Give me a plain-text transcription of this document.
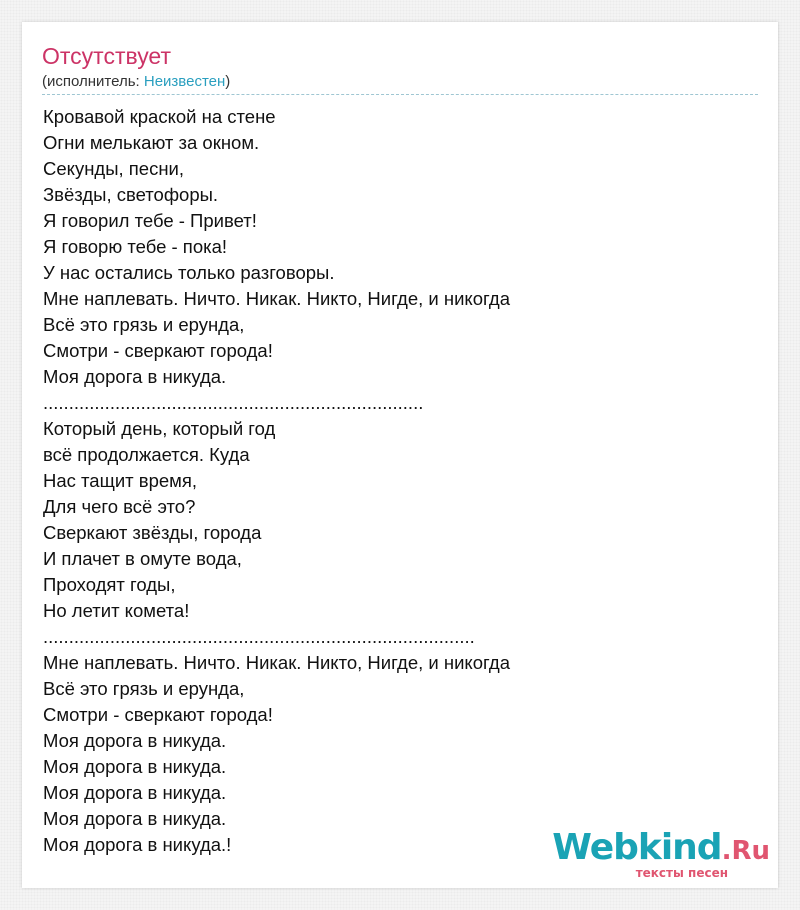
Отсутствует
(исполнитель: Неизвестен)
Кровавой краской на стене
Огни мелькают за окном.
Секунды, песни,
Звёзды, светофоры.
Я говорил тебе - Привет!
Я говорю тебе - пока!
У нас остались только разговоры.
Мне наплевать. Ничто. Никак. Никто, Нигде, и никогда
Всё это грязь и ерунда,
Смотри - сверкают города!
Моя дорога в никуда.
..........................................................................
Который день, который год
всё продолжается. Куда
Нас тащит время,
Для чего всё это?
Сверкают звёзды, города
И плачет в омуте вода,
Проходят годы,
Но летит комета!
....................................................................................
Мне наплевать. Ничто. Никак. Никто, Нигде, и никогда
Всё это грязь и ерунда,
Смотри - сверкают города!
Моя дорога в никуда.
Моя дорога в никуда.
Моя дорога в никуда.
Моя дорога в никуда.
Моя дорога в никуда.!	Webkind.Ru
тексты песен
